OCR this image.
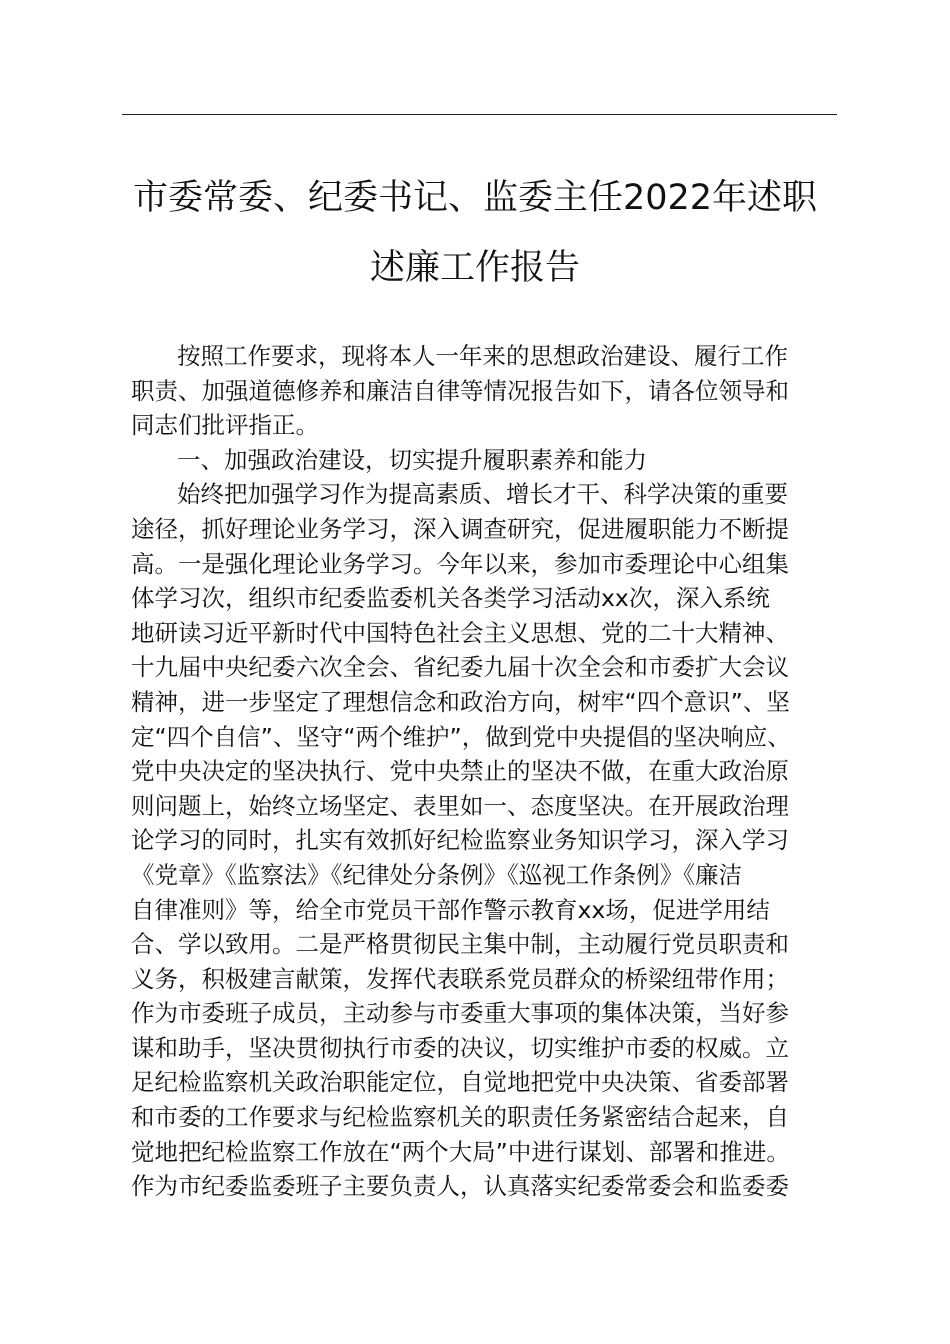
市委常委、纪委书记、监委主任2022年述职
述廉工作报告
按照工作要求，现将本人一年来的思想政治建设、履行工作
职责、加强道德修养和廉洁自律等情况报告如下，请各位领导和
同志们批评指正。
一、加强政治建设，切实提升履职素养和能力
始终把加强学习作为提高素质、增长才干、科学决策的重要
途径，抓好理论业务学习，深入调查研究，促进履职能力不断提
高。一是强化理论业务学习。今年以来，参加市委理论中心组集
体学习次，组织市纪委监委机关各类学习活动xx次，深入系统
地研读习近平新时代中国特色社会主义思想、党的二十大精神、
十九届中央纪委六次全会、省纪委九届十次全会和市委扩大会议
精神，进一步坚定了理想信念和政治方向，树牢“四个意识”、坚
定“四个自信”、坚守“两个维护”，做到党中央提倡的坚决响应、
党中央决定的坚决执行、党中央禁止的坚决不做，在重大政治原
则问题上，始终立场坚定、表里如一、态度坚决。在开展政治理
论学习的同时，扎实有效抓好纪检监察业务知识学习，深入学习
《党章》《监察法》《纪律处分条例》《巡视工作条例》《廉洁
自律准则》等，给全市党员干部作警示教育xx场，促进学用结
合、学以致用。二是严格贯彻民主集中制，主动履行党员职责和
义务，积极建言献策，发挥代表联系党员群众的桥梁纽带作用；
作为市委班子成员，主动参与市委重大事项的集体决策，当好参
谋和助手，坚决贯彻执行市委的决议，切实维护市委的权威。立
足纪检监察机关政治职能定位，自觉地把党中央决策、省委部署
和市委的工作要求与纪检监察机关的职责任务紧密结合起来，自
觉地把纪检监察工作放在“两个大局”中进行谋划、部署和推进。
作为市纪委监委班子主要负责人，认真落实纪委常委会和监委委
